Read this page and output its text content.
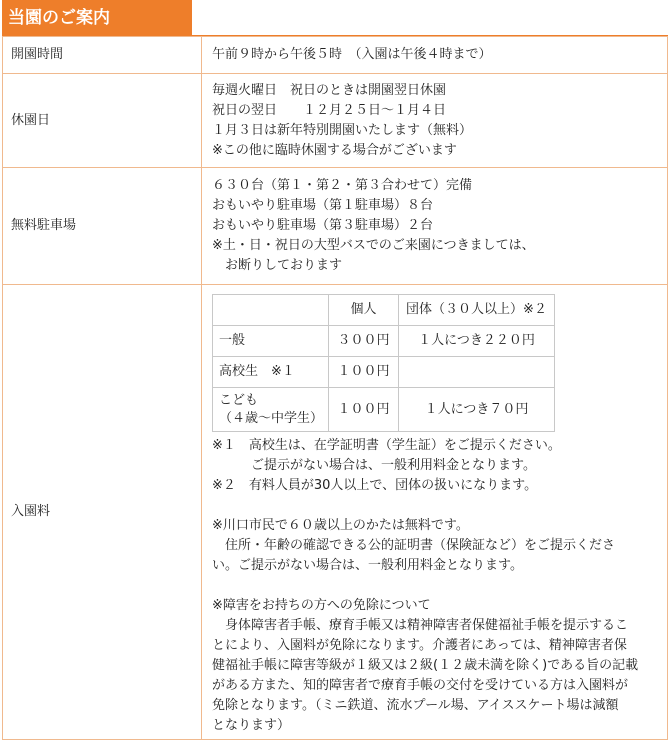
当園のご案内
開園時間	午前９時から午後５時　（入園は午後４時まで）
休園日	
毎週火曜日　祝日のときは開園翌日休園
祝日の翌日　　１２月２５日～１月４日
１月３日は新年特別開園いたします（無料）
※この他に臨時休園する場合がございます

無料駐車場	
６３０台（第１・第２・第３合わせて）完備
おもいやり駐車場（第１駐車場）８台
おもいやり駐車場（第３駐車場）２台
※土・日・祝日の大型バスでのご来園につきましては、
　お断りしております

入園料	
	個人	団体（３０人以上）※２
一般	３００円	１人につき２２０円
高校生　※１	１００円	
こども
（４歳～中学生）	１００円	１人につき７０円
※１　高校生は、在学証明書（学生証）をご提示ください。
　　　ご提示がない場合は、一般利用料金となります。
※２　有料人員が30人以上で、団体の扱いになります。
※川口市民で６０歳以上のかたは無料です。
　住所・年齢の確認できる公的証明書（保険証など）をご提示くださ
い。ご提示がない場合は、一般利用料金となります。
※障害をお持ちの方への免除について
　身体障害者手帳、療育手帳又は精神障害者保健福祉手帳を提示するこ
とにより、入園料が免除になります。介護者にあっては、精神障害者保
健福祉手帳に障害等級が１級又は２級(１２歳未満を除く)である旨の記載
がある方また、知的障害者で療育手帳の交付を受けている方は入園料が
免除となります。（ミニ鉄道、流水プール場、アイススケート場は減額
となります）
